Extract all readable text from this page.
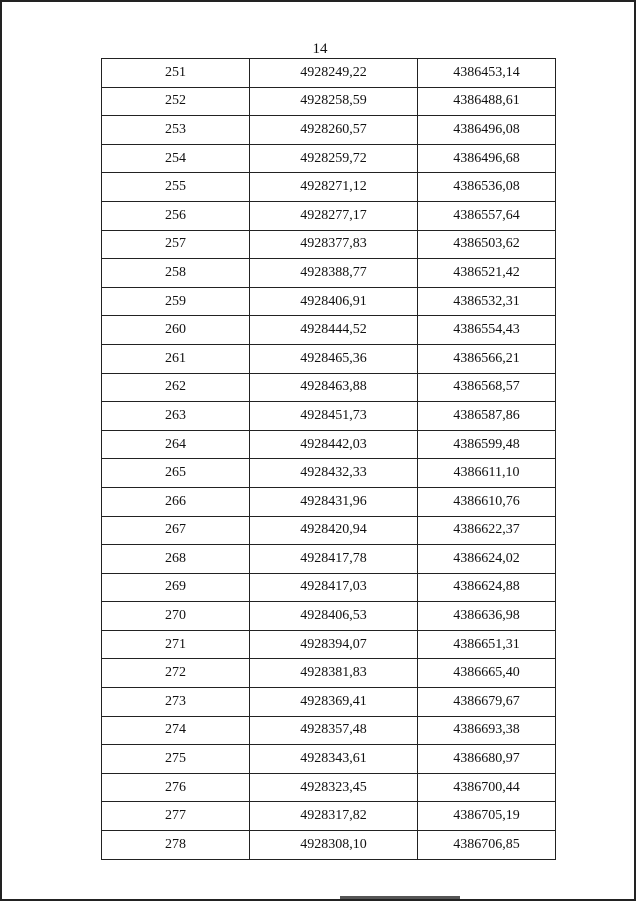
14
251	4928249,22	4386453,14
252	4928258,59	4386488,61
253	4928260,57	4386496,08
254	4928259,72	4386496,68
255	4928271,12	4386536,08
256	4928277,17	4386557,64
257	4928377,83	4386503,62
258	4928388,77	4386521,42
259	4928406,91	4386532,31
260	4928444,52	4386554,43
261	4928465,36	4386566,21
262	4928463,88	4386568,57
263	4928451,73	4386587,86
264	4928442,03	4386599,48
265	4928432,33	4386611,10
266	4928431,96	4386610,76
267	4928420,94	4386622,37
268	4928417,78	4386624,02
269	4928417,03	4386624,88
270	4928406,53	4386636,98
271	4928394,07	4386651,31
272	4928381,83	4386665,40
273	4928369,41	4386679,67
274	4928357,48	4386693,38
275	4928343,61	4386680,97
276	4928323,45	4386700,44
277	4928317,82	4386705,19
278	4928308,10	4386706,85
